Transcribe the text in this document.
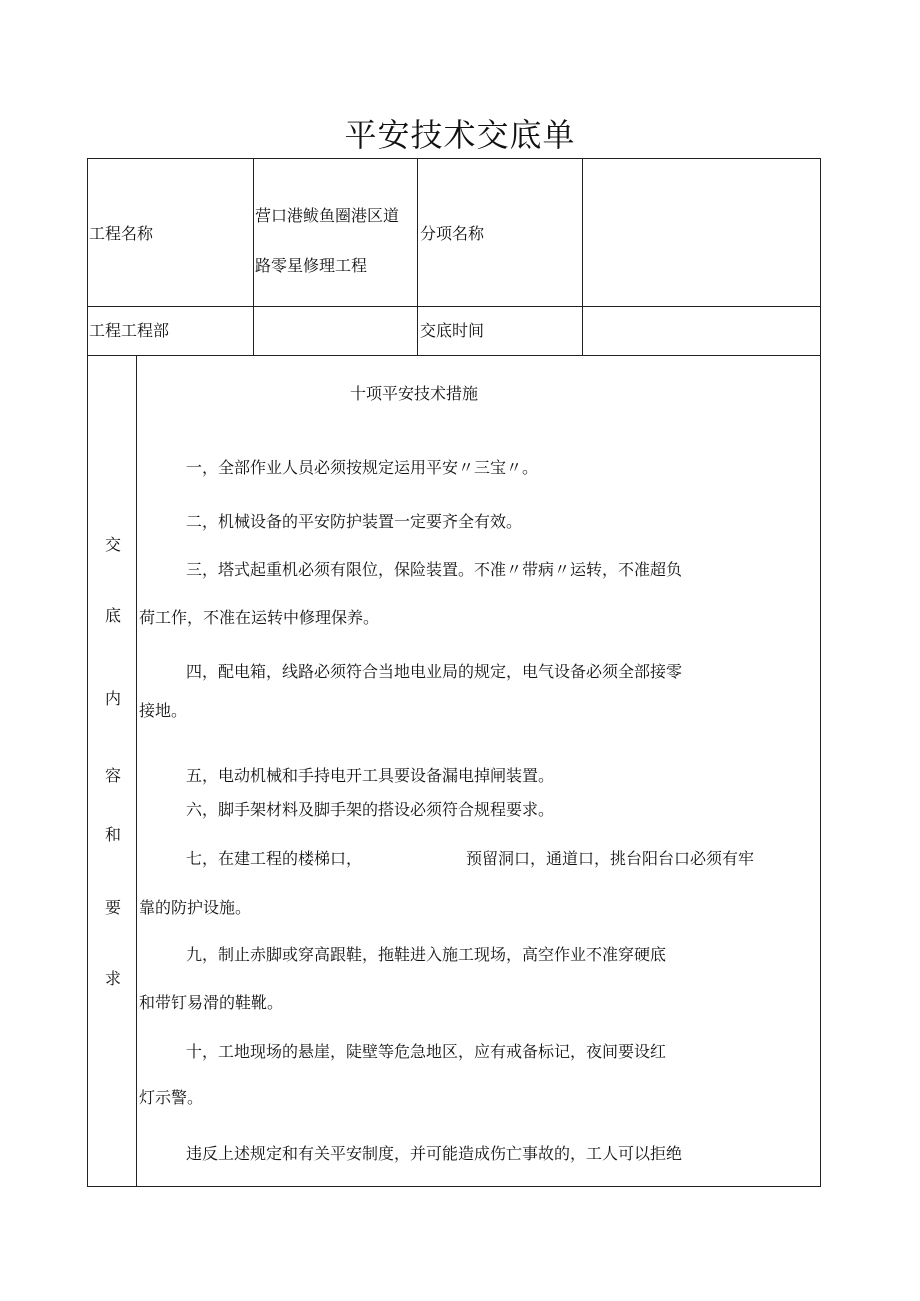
平安技术交底单
工程名称
营口港鲅鱼圈港区道
路零星修理工程
分项名称
工程工程部	交底时间
交
底
内
容
和
要
求
十项平安技术措施
一，全部作业人员必须按规定运用平安〃三宝〃。
二，机械设备的平安防护装置一定要齐全有效。
三，塔式起重机必须有限位，保险装置。不准〃带病〃运转，不准超负
荷工作，不准在运转中修理保养。
四，配电箱，线路必须符合当地电业局的规定，电气设备必须全部接零
接地。
五，电动机械和手持电开工具要设备漏电掉闸装置。
六，脚手架材料及脚手架的搭设必须符合规程要求。
七，在建工程的楼梯口，	预留洞口，通道口，挑台阳台口必须有牢
靠的防护设施。
九，制止赤脚或穿高跟鞋，拖鞋进入施工现场，高空作业不准穿硬底
和带钉易滑的鞋靴。
十，工地现场的悬崖，陡壁等危急地区，应有戒备标记，夜间要设红
灯示警。
违反上述规定和有关平安制度，并可能造成伤亡事故的，工人可以拒绝
